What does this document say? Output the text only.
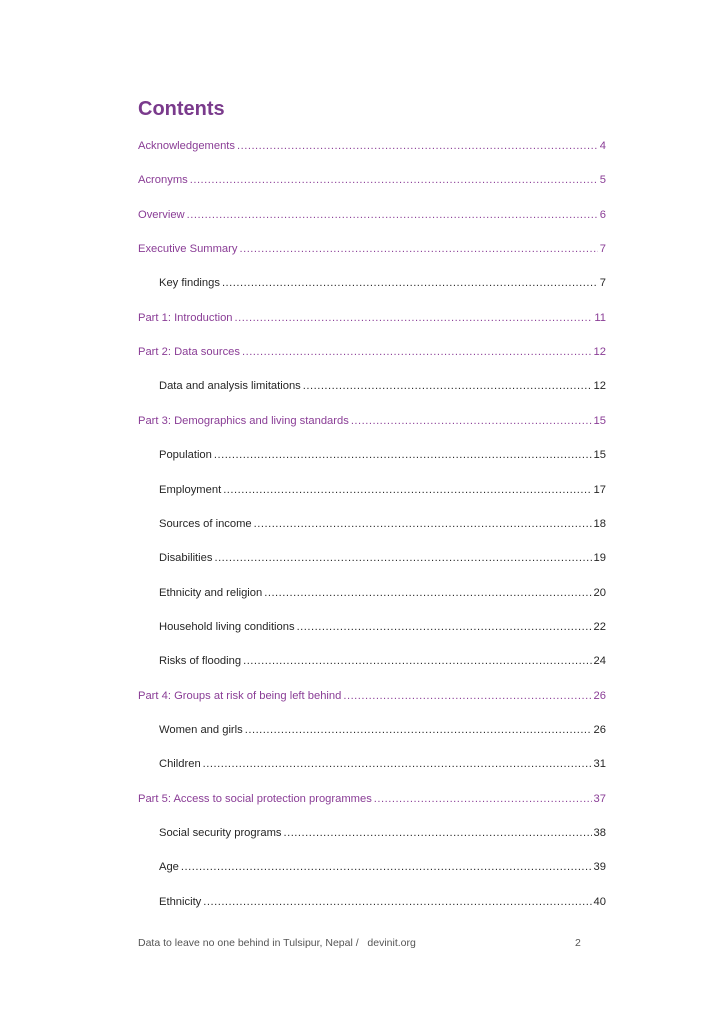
Contents
Acknowledgements .....	4
Acronyms .....	5
Overview .....	6
Executive Summary .....	7
Key findings .....	7
Part 1: Introduction .....	11
Part 2: Data sources .....	12
Data and analysis limitations .....	12
Part 3: Demographics and living standards .....	15
Population .....	15
Employment .....	17
Sources of income .....	18
Disabilities .....	19
Ethnicity and religion .....	20
Household living conditions .....	22
Risks of flooding .....	24
Part 4: Groups at risk of being left behind .....	26
Women and girls .....	26
Children .....	31
Part 5: Access to social protection programmes .....	37
Social security programs .....	38
Age .....	39
Ethnicity .....	40
Data to leave no one behind in Tulsipur, Nepal /   devinit.org	2
